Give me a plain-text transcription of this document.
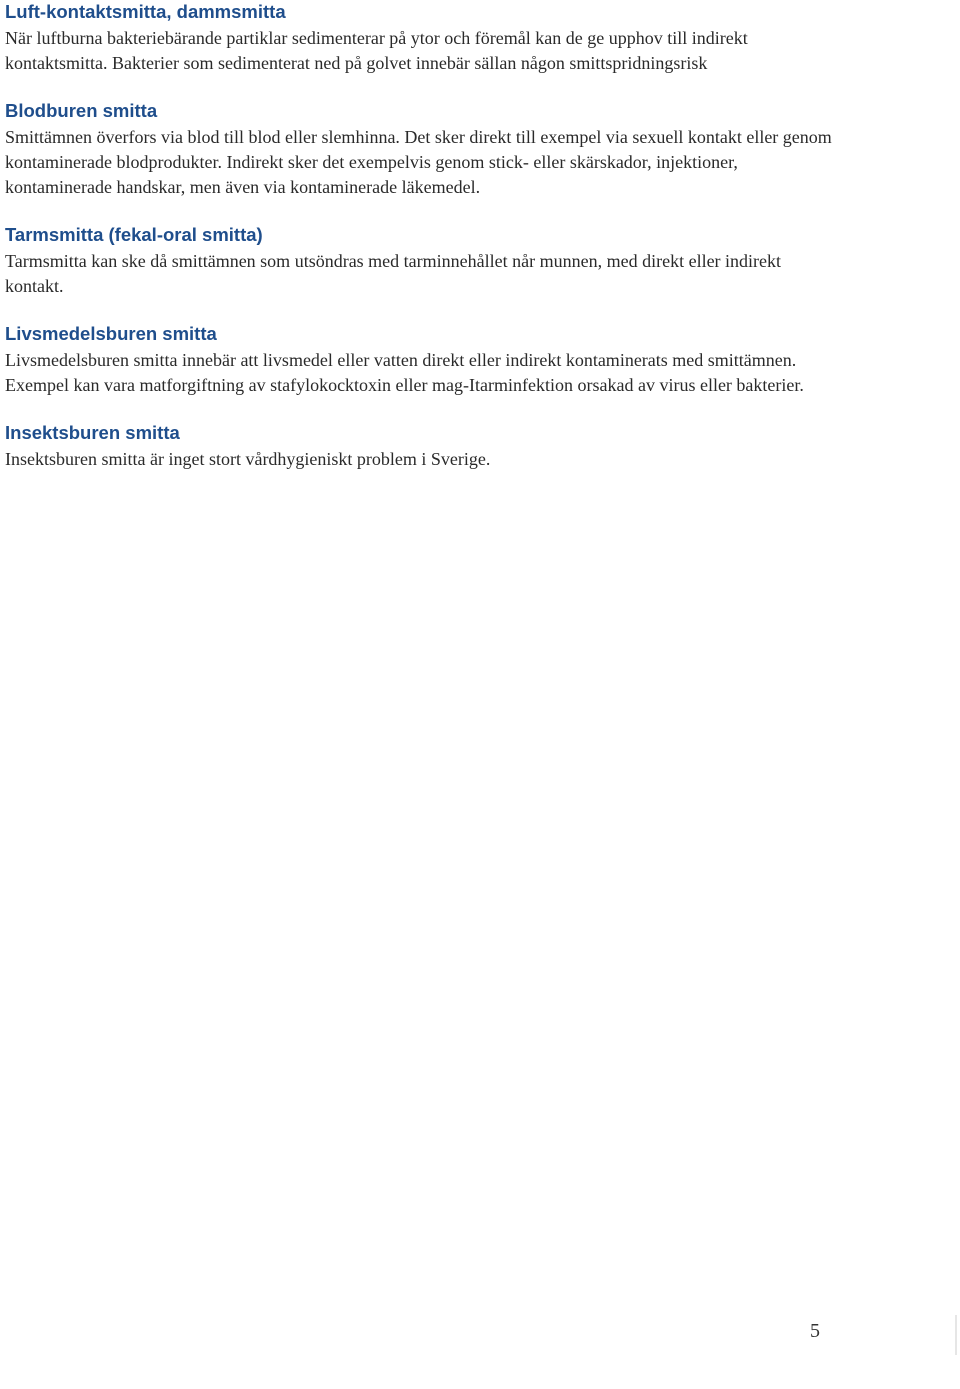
Luft-kontaktsmitta, dammsmitta

När luftburna bakteriebärande partiklar sedimenterar på ytor och föremål kan de ge upphov till indirekt kontaktsmitta. Bakterier som sedimenterat ned på golvet innebär sällan någon smittspridningsrisk

Blodburen smitta

Smittämnen överfors via blod till blod eller slemhinna. Det sker direkt till exempel via sexuell kontakt eller genom kontaminerade blodprodukter. Indirekt sker det exempelvis genom stick- eller skärskador, injektioner, kontaminerade handskar, men även via kontaminerade läkemedel.

Tarmsmitta (fekal-oral smitta)

Tarmsmitta kan ske då smittämnen som utsöndras med tarminnehållet når munnen, med direkt eller indirekt kontakt.

Livsmedelsburen smitta

Livsmedelsburen smitta innebär att livsmedel eller vatten direkt eller indirekt kontaminerats med smittämnen. Exempel kan vara matforgiftning av stafylokocktoxin eller mag-Itarminfektion orsakad av virus eller bakterier.

Insektsburen smitta

Insektsburen smitta är inget stort vårdhygieniskt problem i Sverige.

5
